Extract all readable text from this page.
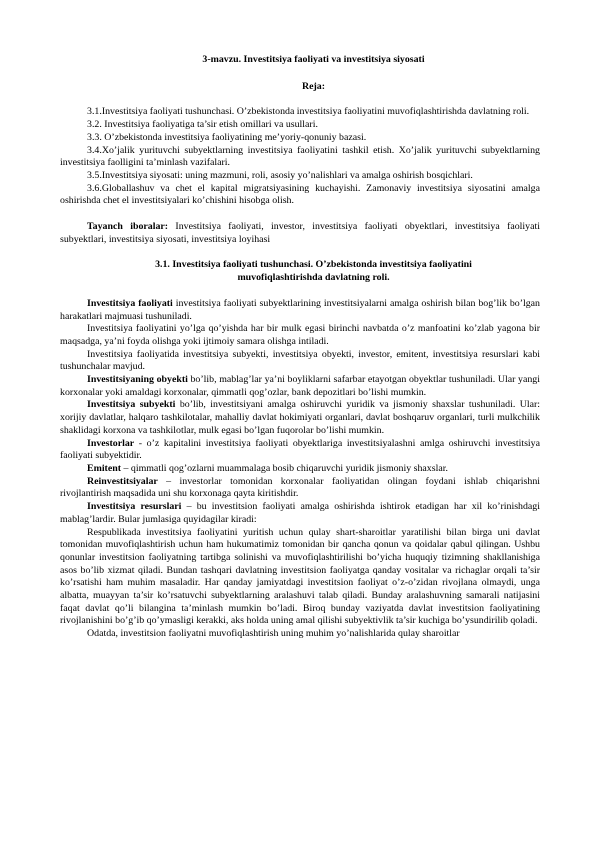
3-mavzu. Investitsiya faoliyati va investitsiya siyosati
Reja:

3.1.Investitsiya faoliyati tushunchasi. O’zbekistonda investitsiya faoliyatini muvofiqlashtirishda davlatning roli.

3.2. Investitsiya faoliyatiga ta’sir etish omillari va usullari.

3.3. O’zbekistonda investitsiya faoliyatining me’yoriy-qonuniy bazasi.

3.4.Xo’jalik yurituvchi subyektlarning investitsiya faoliyatini tashkil etish. Xo’jalik yurituvchi subyektlarning investitsiya faolligini ta’minlash vazifalari.

3.5.Investitsiya siyosati: uning mazmuni, roli, asosiy yo’nalishlari va amalga oshirish bosqichlari.

3.6.Globallashuv va chet el kapital migratsiyasining kuchayishi. Zamonaviy investitsiya siyosatini amalga oshirishda chet el investitsiyalari ko’chishini hisobga olish.

Tayanch iboralar: Investitsiya faoliyati, investor, investitsiya faoliyati obyektlari, investitsiya faoliyati subyektlari, investitsiya siyosati, investitsiya loyihasi

3.1. Investitsiya faoliyati tushunchasi. O’zbekistonda investitsiya faoliyatini muvofiqlashtirishda davlatning roli.

Investitsiya faoliyati investitsiya faoliyati subyektlarining investitsiyalarni amalga oshirish bilan bog’lik bo’lgan harakatlari majmuasi tushuniladi.

Investitsiya faoliyatini yo’lga qo’yishda har bir mulk egasi birinchi navbatda o’z manfoatini ko’zlab yagona bir maqsadga, ya’ni foyda olishga yoki ijtimoiy samara olishga intiladi.

Investitsiya faoliyatida investitsiya subyekti, investitsiya obyekti, investor, emitent, investitsiya resurslari kabi tushunchalar mavjud.

Investitsiyaning obyekti bo’lib, mablag’lar ya’ni boyliklarni safarbar etayotgan obyektlar tushuniladi. Ular yangi korxonalar yoki amaldagi korxonalar, qimmatli qog’ozlar, bank depozitlari bo’lishi mumkin.

Investitsiya subyekti bo’lib, investitsiyani amalga oshiruvchi yuridik va jismoniy shaxslar tushuniladi. Ular: xorijiy davlatlar, halqaro tashkilotalar, mahalliy davlat hokimiyati organlari, davlat boshqaruv organlari, turli mulkchilik shaklidagi korxona va tashkilotlar, mulk egasi bo’lgan fuqorolar bo’lishi mumkin.

Investorlar - o’z kapitalini investitsiya faoliyati obyektlariga investitsiyalashni amlga oshiruvchi investitsiya faoliyati subyektidir.

Emitent – qimmatli qog’ozlarni muammalaga bosib chiqaruvchi yuridik jismoniy shaxslar.

Reinvestitsiyalar – investorlar tomonidan korxonalar faoliyatidan olingan foydani ishlab chiqarishni rivojlantirish maqsadida uni shu korxonaga qayta kiritishdir.

Investitsiya resurslari – bu investitsion faoliyati amalga oshirishda ishtirok etadigan har xil ko’rinishdagi mablag’lardir. Bular jumlasiga quyidagilar kiradi:

Respublikada investitsiya faoliyatini yuritish uchun qulay shart-sharoitlar yaratilishi bilan birga uni davlat tomonidan muvofiqlashtirish uchun ham hukumatimiz tomonidan bir qancha qonun va qoidalar qabul qilingan. Ushbu qonunlar investitsion faoliyatning tartibga solinishi va muvofiqlashtirilishi bo’yicha huquqiy tizimning shakllanishiga asos bo’lib xizmat qiladi. Bundan tashqari davlatning investitsion faoliyatga qanday vositalar va richaglar orqali ta’sir ko’rsatishi ham muhim masaladir. Har qanday jamiyatdagi investitsion faoliyat o’z-o’zidan rivojlana olmaydi, unga albatta, muayyan ta’sir ko’rsatuvchi subyektlarning aralashuvi talab qiladi. Bunday aralashuvning samarali natijasini faqat davlat qo’li bilangina ta’minlash mumkin bo’ladi. Biroq bunday vaziyatda davlat investitsion faoliyatining rivojlanishini bo’g’ib qo’ymasligi kerakki, aks holda uning amal qilishi subyektivlik ta’sir kuchiga bo’ysundirilib qoladi.

Odatda, investitsion faoliyatni muvofiqlashtirish uning muhim yo’nalishlarida qulay sharoitlar
